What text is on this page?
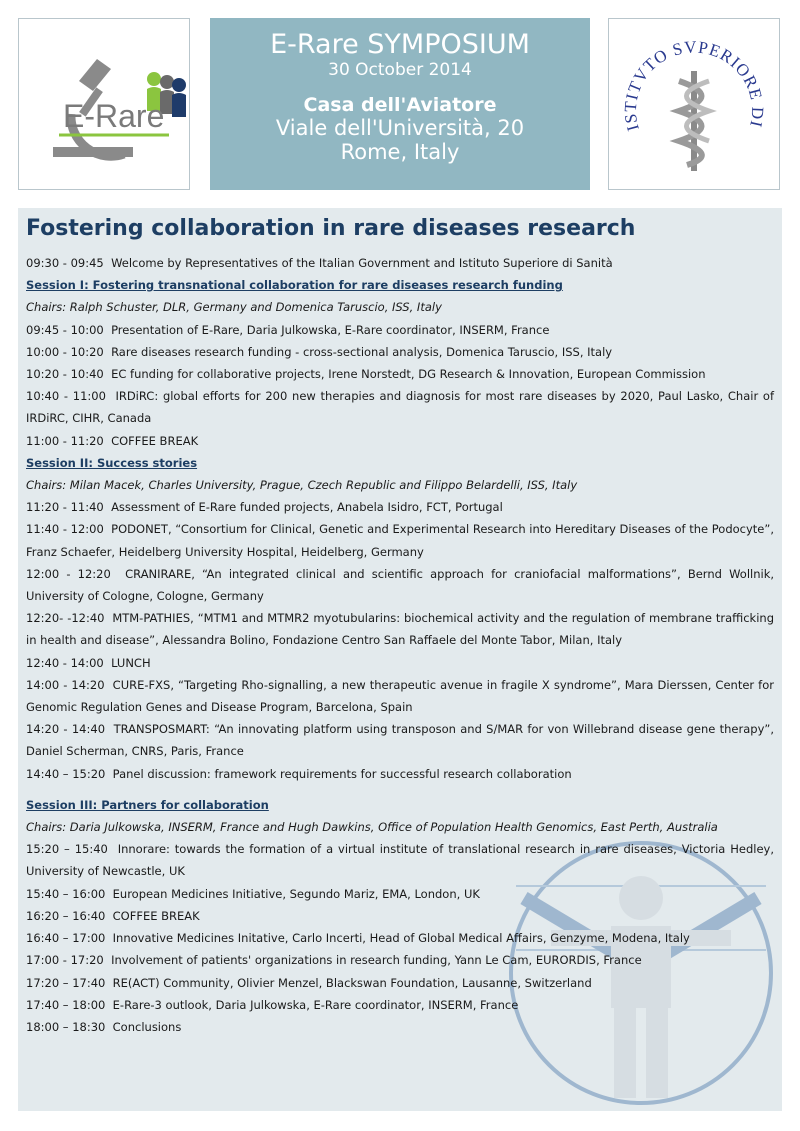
E-Rare
E-Rare SYMPOSIUM
30 October 2014
Casa dell'Aviatore
Viale dell'Università, 20
Rome, Italy
ISTITVTO SVPERIORE DI
Fostering collaboration in rare diseases research
09:30 - 09:45 Welcome by Representatives of the Italian Government and Istituto Superiore di Sanità
Session I: Fostering transnational collaboration for rare diseases research funding
Chairs: Ralph Schuster, DLR, Germany and Domenica Taruscio, ISS, Italy
09:45 - 10:00 Presentation of E-Rare, Daria Julkowska, E-Rare coordinator, INSERM, France
10:00 - 10:20 Rare diseases research funding - cross-sectional analysis, Domenica Taruscio, ISS, Italy
10:20 - 10:40 EC funding for collaborative projects, Irene Norstedt, DG Research & Innovation, European Commission
10:40 - 11:00 IRDiRC: global efforts for 200 new therapies and diagnosis for most rare diseases by 2020, Paul Lasko, Chair of IRDiRC, CIHR, Canada
11:00 - 11:20 COFFEE BREAK
Session II: Success stories
Chairs: Milan Macek, Charles University, Prague, Czech Republic and Filippo Belardelli, ISS, Italy
11:20 - 11:40 Assessment of E-Rare funded projects, Anabela Isidro, FCT, Portugal
11:40 - 12:00 PODONET, “Consortium for Clinical, Genetic and Experimental Research into Hereditary Diseases of the Podocyte”, Franz Schaefer, Heidelberg University Hospital, Heidelberg, Germany
12:00 - 12:20 CRANIRARE, “An integrated clinical and scientific approach for craniofacial malformations”, Bernd Wollnik, University of Cologne, Cologne, Germany
12:20- -12:40 MTM-PATHIES, “MTM1 and MTMR2 myotubularins: biochemical activity and the regulation of membrane trafficking in health and disease”, Alessandra Bolino, Fondazione Centro San Raffaele del Monte Tabor, Milan, Italy
12:40 - 14:00 LUNCH
14:00 - 14:20 CURE-FXS, “Targeting Rho-signalling, a new therapeutic avenue in fragile X syndrome”, Mara Dierssen, Center for Genomic Regulation Genes and Disease Program, Barcelona, Spain
14:20 - 14:40 TRANSPOSMART: “An innovating platform using transposon and S/MAR for von Willebrand disease gene therapy”, Daniel Scherman, CNRS, Paris, France
14:40 – 15:20 Panel discussion: framework requirements for successful research collaboration
Session III: Partners for collaboration
Chairs: Daria Julkowska, INSERM, France and Hugh Dawkins, Office of Population Health Genomics, East Perth, Australia
15:20 – 15:40 Innorare: towards the formation of a virtual institute of translational research in rare diseases, Victoria Hedley, University of Newcastle, UK
15:40 – 16:00 European Medicines Initiative, Segundo Mariz, EMA, London, UK
16:20 – 16:40 COFFEE BREAK
16:40 – 17:00 Innovative Medicines Initative, Carlo Incerti, Head of Global Medical Affairs, Genzyme, Modena, Italy
17:00 - 17:20 Involvement of patients' organizations in research funding, Yann Le Cam, EURORDIS, France
17:20 – 17:40 RE(ACT) Community, Olivier Menzel, Blackswan Foundation, Lausanne, Switzerland
17:40 – 18:00 E-Rare-3 outlook, Daria Julkowska, E-Rare coordinator, INSERM, France
18:00 – 18:30 Conclusions
